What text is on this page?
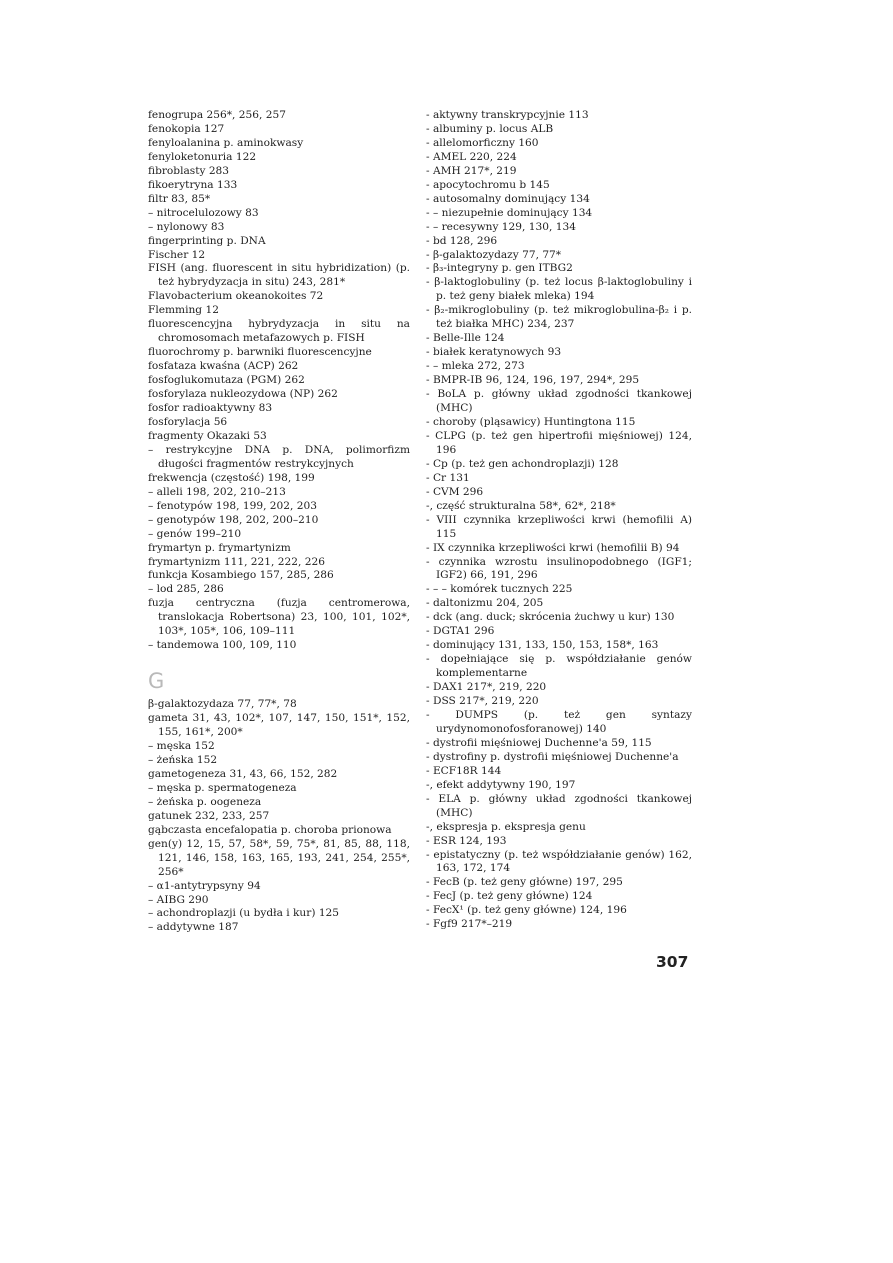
fenogrupa 256*, 256, 257

fenokopia 127

fenyloalanina p. aminokwasy

fenyloketonuria 122

fibroblasty 283

fikoerytryna 133

filtr 83, 85*

– nitrocelulozowy 83

– nylonowy 83

fingerprinting p. DNA

Fischer 12

FISH (ang. fluorescent in situ hybridization) (p. też hybrydyzacja in situ) 243, 281*

Flavobacterium okeanokoites 72

Flemming 12

fluorescencyjna hybrydyzacja in situ na chromosomach metafazowych p. FISH

fluorochromy p. barwniki fluorescencyjne

fosfataza kwaśna (ACP) 262

fosfoglukomutaza (PGM) 262

fosforylaza nukleozydowa (NP) 262

fosfor radioaktywny 83

fosforylacja 56

fragmenty Okazaki 53

– restrykcyjne DNA p. DNA, polimorfizm długości fragmentów restrykcyjnych

frekwencja (częstość) 198, 199

– alleli 198, 202, 210–213

– fenotypów 198, 199, 202, 203

– genotypów 198, 202, 200–210

– genów 199–210

frymartyn p. frymartynizm

frymartynizm 111, 221, 222, 226

funkcja Kosambiego 157, 285, 286

– lod 285, 286

fuzja centryczna (fuzja centromerowa, translokacja Robertsona) 23, 100, 101, 102*, 103*, 105*, 106, 109–111

– tandemowa 100, 109, 110

G

β-galaktozydaza 77, 77*, 78

gameta 31, 43, 102*, 107, 147, 150, 151*, 152, 155, 161*, 200*

– męska 152

– żeńska 152

gametogeneza 31, 43, 66, 152, 282

– męska p. spermatogeneza

– żeńska p. oogeneza

gatunek 232, 233, 257

gąbczasta encefalopatia p. choroba prionowa

gen(y) 12, 15, 57, 58*, 59, 75*, 81, 85, 88, 118, 121, 146, 158, 163, 165, 193, 241, 254, 255*, 256*

– α1-antytrypsyny 94

– AIBG 290

– achondroplazji (u bydła i kur) 125

– addytywne 187

- aktywny transkrypcyjnie 113

- albuminy p. locus ALB

- allelomorficzny 160

- AMEL 220, 224

- AMH 217*, 219

- apocytochromu b 145

- autosomalny dominujący 134

- – niezupełnie dominujący 134

- – recesywny 129, 130, 134

- bd 128, 296

- β-galaktozydazy 77, 77*

- β₃-integryny p. gen ITBG2

- β-laktoglobuliny (p. też locus β-laktoglobuliny i p. też geny białek mleka) 194

- β₂-mikroglobuliny (p. też mikroglobulina-β₂ i p. też białka MHC) 234, 237

- Belle-Ille 124

- białek keratynowych 93

- – mleka 272, 273

- BMPR-IB 96, 124, 196, 197, 294*, 295

- BoLA p. główny układ zgodności tkankowej (MHC)

- choroby (pląsawicy) Huntingtona 115

- CLPG (p. też gen hipertrofii mięśniowej) 124, 196

- Cp (p. też gen achondroplazji) 128

- Cr 131

- CVM 296

-, część strukturalna 58*, 62*, 218*

- VIII czynnika krzepliwości krwi (hemofilii A) 115

- IX czynnika krzepliwości krwi (hemofilii B) 94

- czynnika wzrostu insulinopodobnego (IGF1; IGF2) 66, 191, 296

- – – komórek tucznych 225

- daltonizmu 204, 205

- dck (ang. duck; skrócenia żuchwy u kur) 130

- DGTA1 296

- dominujący 131, 133, 150, 153, 158*, 163

- dopełniające się p. współdziałanie genów komplementarne

- DAX1 217*, 219, 220

- DSS 217*, 219, 220

- DUMPS (p. też gen syntazy urydynomonofosforanowej) 140

- dystrofii mięśniowej Duchenne'a 59, 115

- dystrofiny p. dystrofii mięśniowej Duchenne'a

- ECF18R 144

-, efekt addytywny 190, 197

- ELA p. główny układ zgodności tkankowej (MHC)

-, ekspresja p. ekspresja genu

- ESR 124, 193

- epistatyczny (p. też współdziałanie genów) 162, 163, 172, 174

- FecB (p. też geny główne) 197, 295

- FecJ (p. też geny główne) 124

- FecX¹ (p. też geny główne) 124, 196

- Fgf9 217*–219

307
